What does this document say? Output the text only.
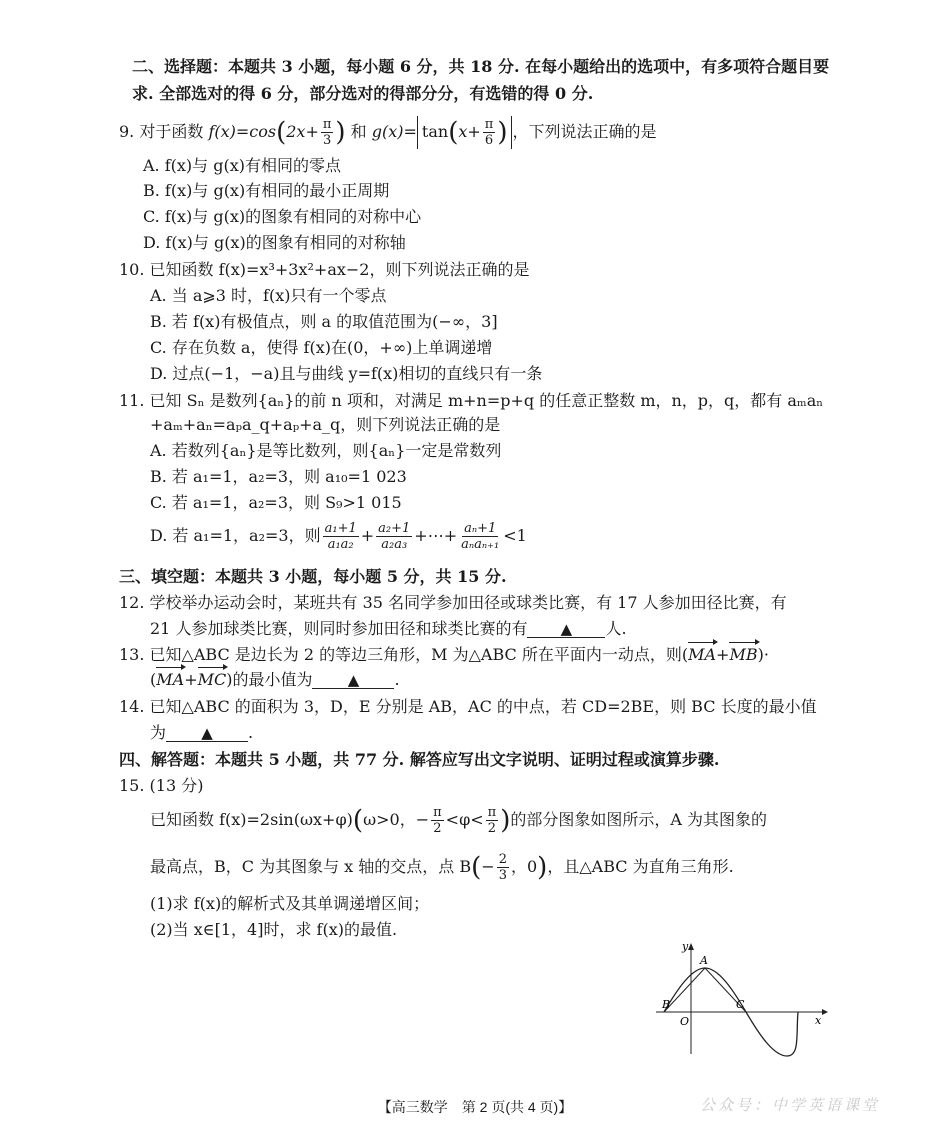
二、选择题：本题共 3 小题，每小题 6 分，共 18 分. 在每小题给出的选项中，有多项符合题目要
求. 全部选对的得 6 分，部分选对的得部分分，有选错的得 0 分.
9. 对于函数 $f(x)=\cos(2x+ \frac{\pi}{3}$ ) 和 $g(x)= \tan(x+ \frac{\pi}{6}$ ) ，下列说法正确的是
A. f(x)与 g(x)有相同的零点
B. f(x)与 g(x)有相同的最小正周期
C. f(x)与 g(x)的图象有相同的对称中心
D. f(x)与 g(x)的图象有相同的对称轴
10. 已知函数 f(x)=x³+3x²+ax−2，则下列说法正确的是
A. 当 a⩾3 时，f(x)只有一个零点
B. 若 f(x)有极值点，则 a 的取值范围为(−∞，3]
C. 存在负数 a，使得 f(x)在(0，+∞)上单调递增
D. 过点(−1，−a)且与曲线 y=f(x)相切的直线只有一条
11. 已知 Sₙ 是数列{aₙ}的前 n 项和，对满足 m+n=p+q 的任意正整数 m，n，p，q，都有 aₘaₙ
+aₘ+aₙ=aₚa_q+aₚ+a_q，则下列说法正确的是
A. 若数列{aₙ}是等比数列，则{aₙ}一定是常数列
B. 若 a₁=1，a₂=3，则 a₁₀=1 023
C. 若 a₁=1，a₂=3，则 S₉>1 015
D. 若 a₁=1，a₂=3，则 $\frac{\text{a₁+1}}{\text{a₁a₂}} + \frac{\text{a₂+1}}{\text{a₂a₃}}$ +⋯+ $\frac{\text{aₙ+1}}{\text{aₙaₙ₊₁}} <1$
三、填空题：本题共 3 小题，每小题 5 分，共 15 分.
12. 学校举办运动会时，某班共有 35 名同学参加田径或球类比赛，有 17 人参加田径比赛，有
21 人参加球类比赛，则同时参加田径和球类比赛的有 ▲ 人.
13. 已知△ABC 是边长为 2 的等边三角形，M 为△ABC 所在平面内一动点，则(MA+MB)·
(MA+MC)的最小值为 ▲ .
14. 已知△ABC 的面积为 3，D，E 分别是 AB，AC 的中点，若 CD=2BE，则 BC 长度的最小值
为 ▲ .
四、解答题：本题共 5 小题，共 77 分. 解答应写出文字说明、证明过程或演算步骤.
15. (13 分)
已知函数 f(x)=2sin(ωx+φ)(ω>0，− $\frac{\pi}{2} <\varphi< \frac{\pi}{2}$ )的部分图象如图所示，A 为其图象的
最高点，B，C 为其图象与 x 轴的交点，点 $B(- \frac{2}{3}$ ，0)，且△ABC 为直角三角形.
(1)求 f(x)的解析式及其单调递增区间；
(2)当 x∈[1，4]时，求 f(x)的最值.
y
x
A
B	C
O
【高三数学　第 2 页(共 4 页)】	公众号：中学英语课堂
